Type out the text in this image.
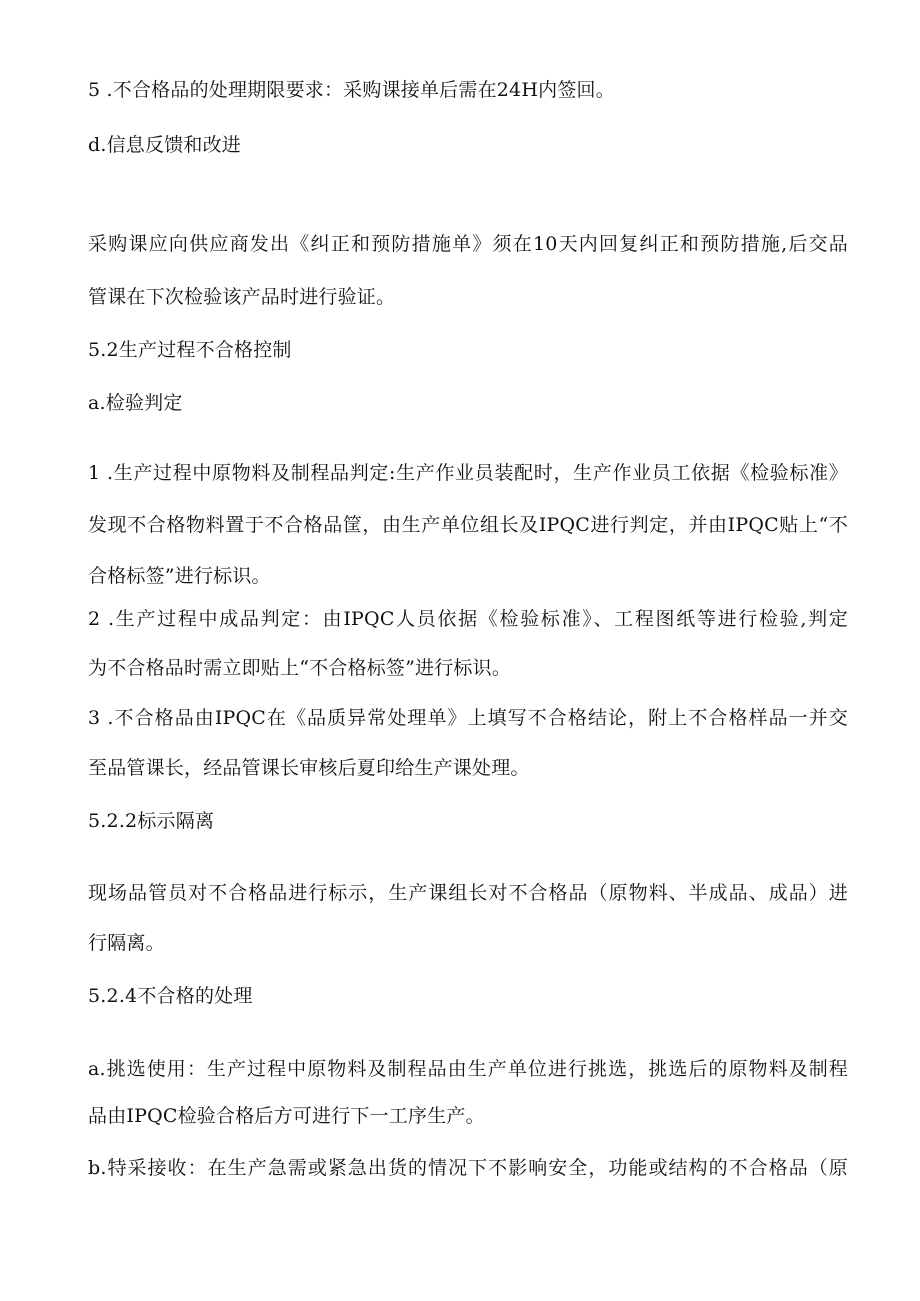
5 .不合格品的处理期限要求：采购课接单后需在24H内签回。
d.信息反馈和改进
采购课应向供应商发出《纠正和预防措施单》须在10天内回复纠正和预防措施,后交品
管课在下次检验该产品时进行验证。
5.2生产过程不合格控制
a.检验判定
1 .生产过程中原物料及制程品判定:生产作业员装配时，生产作业员工依据《检验标准》
发现不合格物料置于不合格品筐，由生产单位组长及IPQC进行判定，并由IPQC贴上“不
合格标签”进行标识。
2 .生产过程中成品判定：由IPQC人员依据《检验标准》、工程图纸等进行检验,判定
为不合格品时需立即贴上“不合格标签”进行标识。
3 .不合格品由IPQC在《品质异常处理单》上填写不合格结论，附上不合格样品一并交
至品管课长，经品管课长审核后夏印给生产课处理。
5.2.2标示隔离
现场品管员对不合格品进行标示，生产课组长对不合格品（原物料、半成品、成品）进
行隔离。
5.2.4不合格的处理
a.挑选使用：生产过程中原物料及制程品由生产单位进行挑选，挑选后的原物料及制程
品由IPQC检验合格后方可进行下一工序生产。
b.特采接收：在生产急需或紧急出货的情况下不影响安全，功能或结构的不合格品（原
